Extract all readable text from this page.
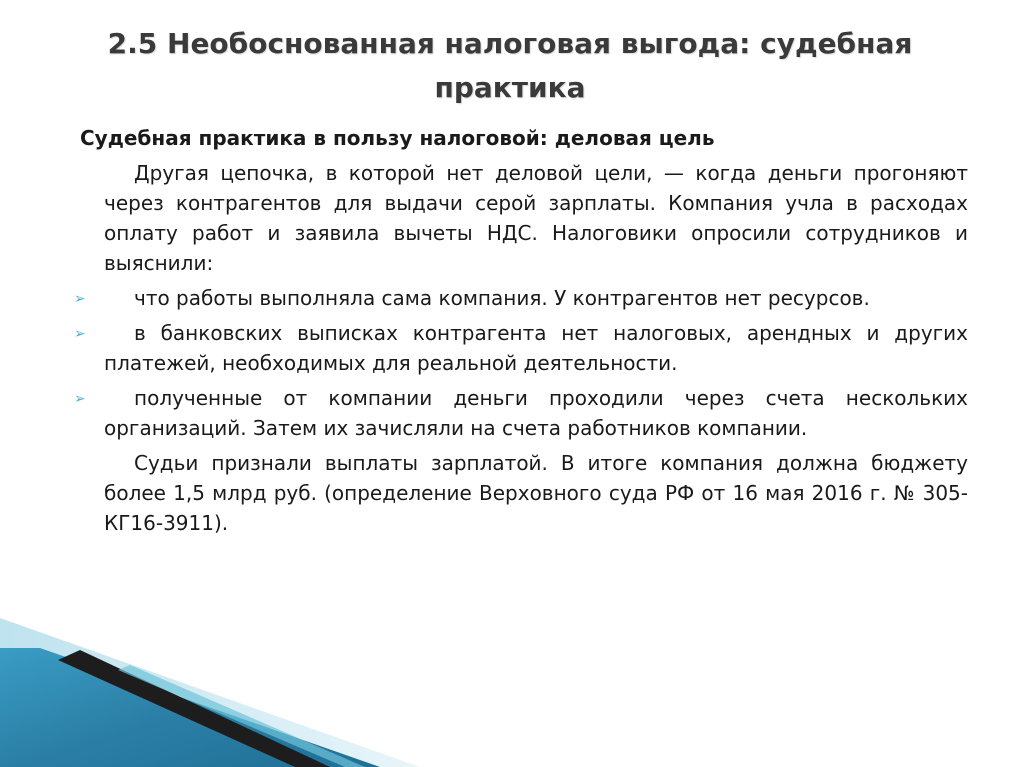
2.5 Необоснованная налоговая выгода: судебная
практика
Судебная практика в пользу налоговой: деловая цель

Другая цепочка, в которой нет деловой цели, — когда деньги прогоняют через контрагентов для выдачи серой зарплаты. Компания учла в расходах оплату работ и заявила вычеты НДС. Налоговики опросили сотрудников и выяснили:

➢ что работы выполняла сама компания. У контрагентов нет ресурсов.
➢ в банковских выписках контрагента нет налоговых, арендных и других платежей, необходимых для реальной деятельности.
➢ полученные от компании деньги проходили через счета нескольких организаций. Затем их зачисляли на счета работников компании.

Судьи признали выплаты зарплатой. В итоге компания должна бюджету более 1,5 млрд руб. (определение Верховного суда РФ от 16 мая 2016 г. № 305-КГ16-3911).
